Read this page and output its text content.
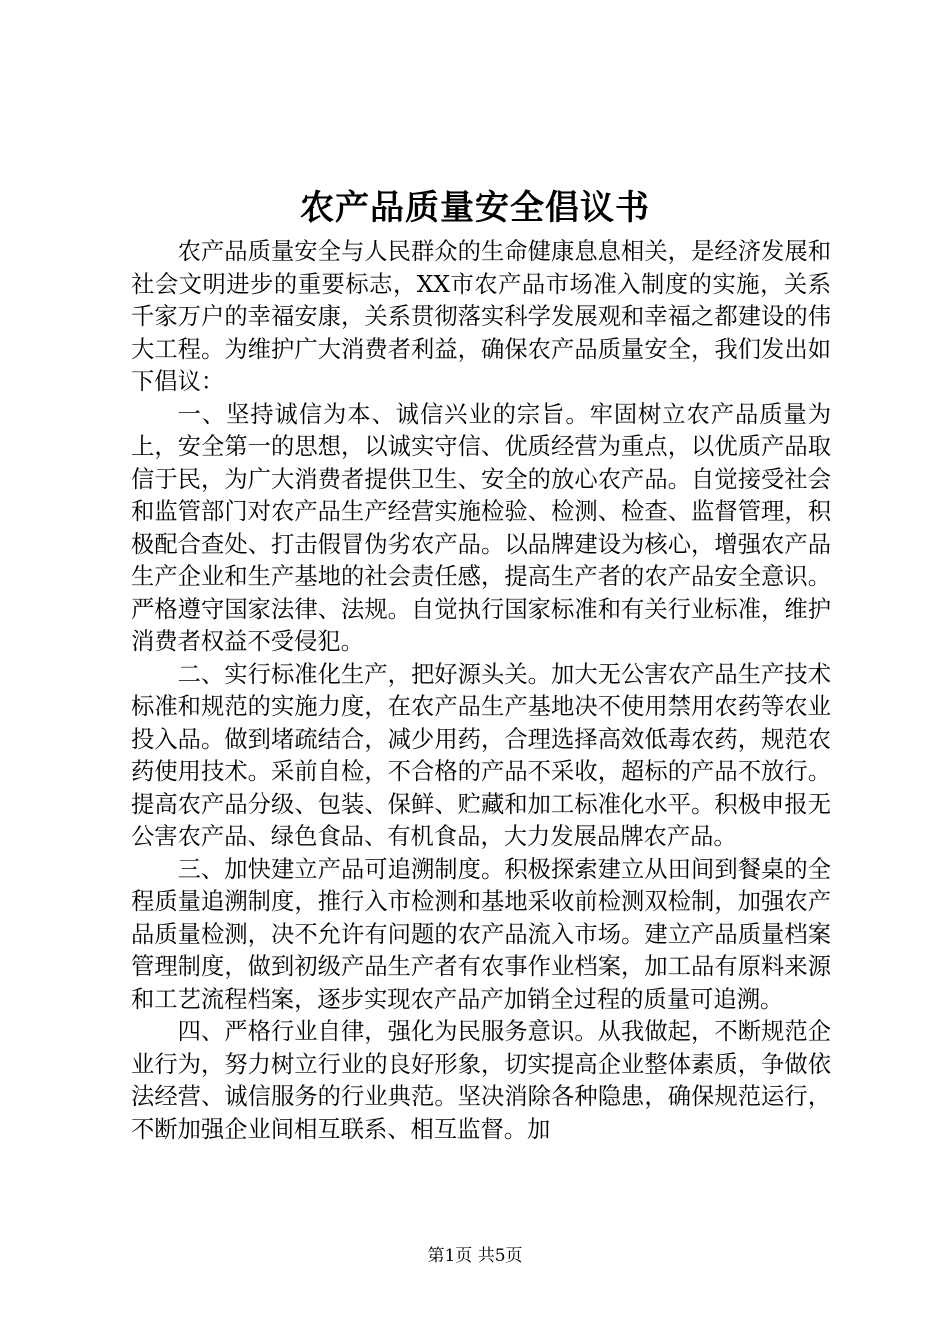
农产品质量安全倡议书

农产品质量安全与人民群众的生命健康息息相关，是经济发展和社会文明进步的重要标志，XX市农产品市场准入制度的实施，关系千家万户的幸福安康，关系贯彻落实科学发展观和幸福之都建设的伟大工程。为维护广大消费者利益，确保农产品质量安全，我们发出如下倡议：

一、坚持诚信为本、诚信兴业的宗旨。牢固树立农产品质量为上，安全第一的思想，以诚实守信、优质经营为重点，以优质产品取信于民，为广大消费者提供卫生、安全的放心农产品。自觉接受社会和监管部门对农产品生产经营实施检验、检测、检查、监督管理，积极配合查处、打击假冒伪劣农产品。以品牌建设为核心，增强农产品生产企业和生产基地的社会责任感，提高生产者的农产品安全意识。严格遵守国家法律、法规。自觉执行国家标准和有关行业标准，维护消费者权益不受侵犯。

二、实行标准化生产，把好源头关。加大无公害农产品生产技术标准和规范的实施力度，在农产品生产基地决不使用禁用农药等农业投入品。做到堵疏结合，减少用药，合理选择高效低毒农药，规范农药使用技术。采前自检，不合格的产品不采收，超标的产品不放行。提高农产品分级、包装、保鲜、贮藏和加工标准化水平。积极申报无公害农产品、绿色食品、有机食品，大力发展品牌农产品。

三、加快建立产品可追溯制度。积极探索建立从田间到餐桌的全程质量追溯制度，推行入市检测和基地采收前检测双检制，加强农产品质量检测，决不允许有问题的农产品流入市场。建立产品质量档案管理制度，做到初级产品生产者有农事作业档案，加工品有原料来源和工艺流程档案，逐步实现农产品产加销全过程的质量可追溯。

四、严格行业自律，强化为民服务意识。从我做起，不断规范企业行为，努力树立行业的良好形象，切实提高企业整体素质，争做依法经营、诚信服务的行业典范。坚决消除各种隐患，确保规范运行，不断加强企业间相互联系、相互监督。加

第1页 共5页
